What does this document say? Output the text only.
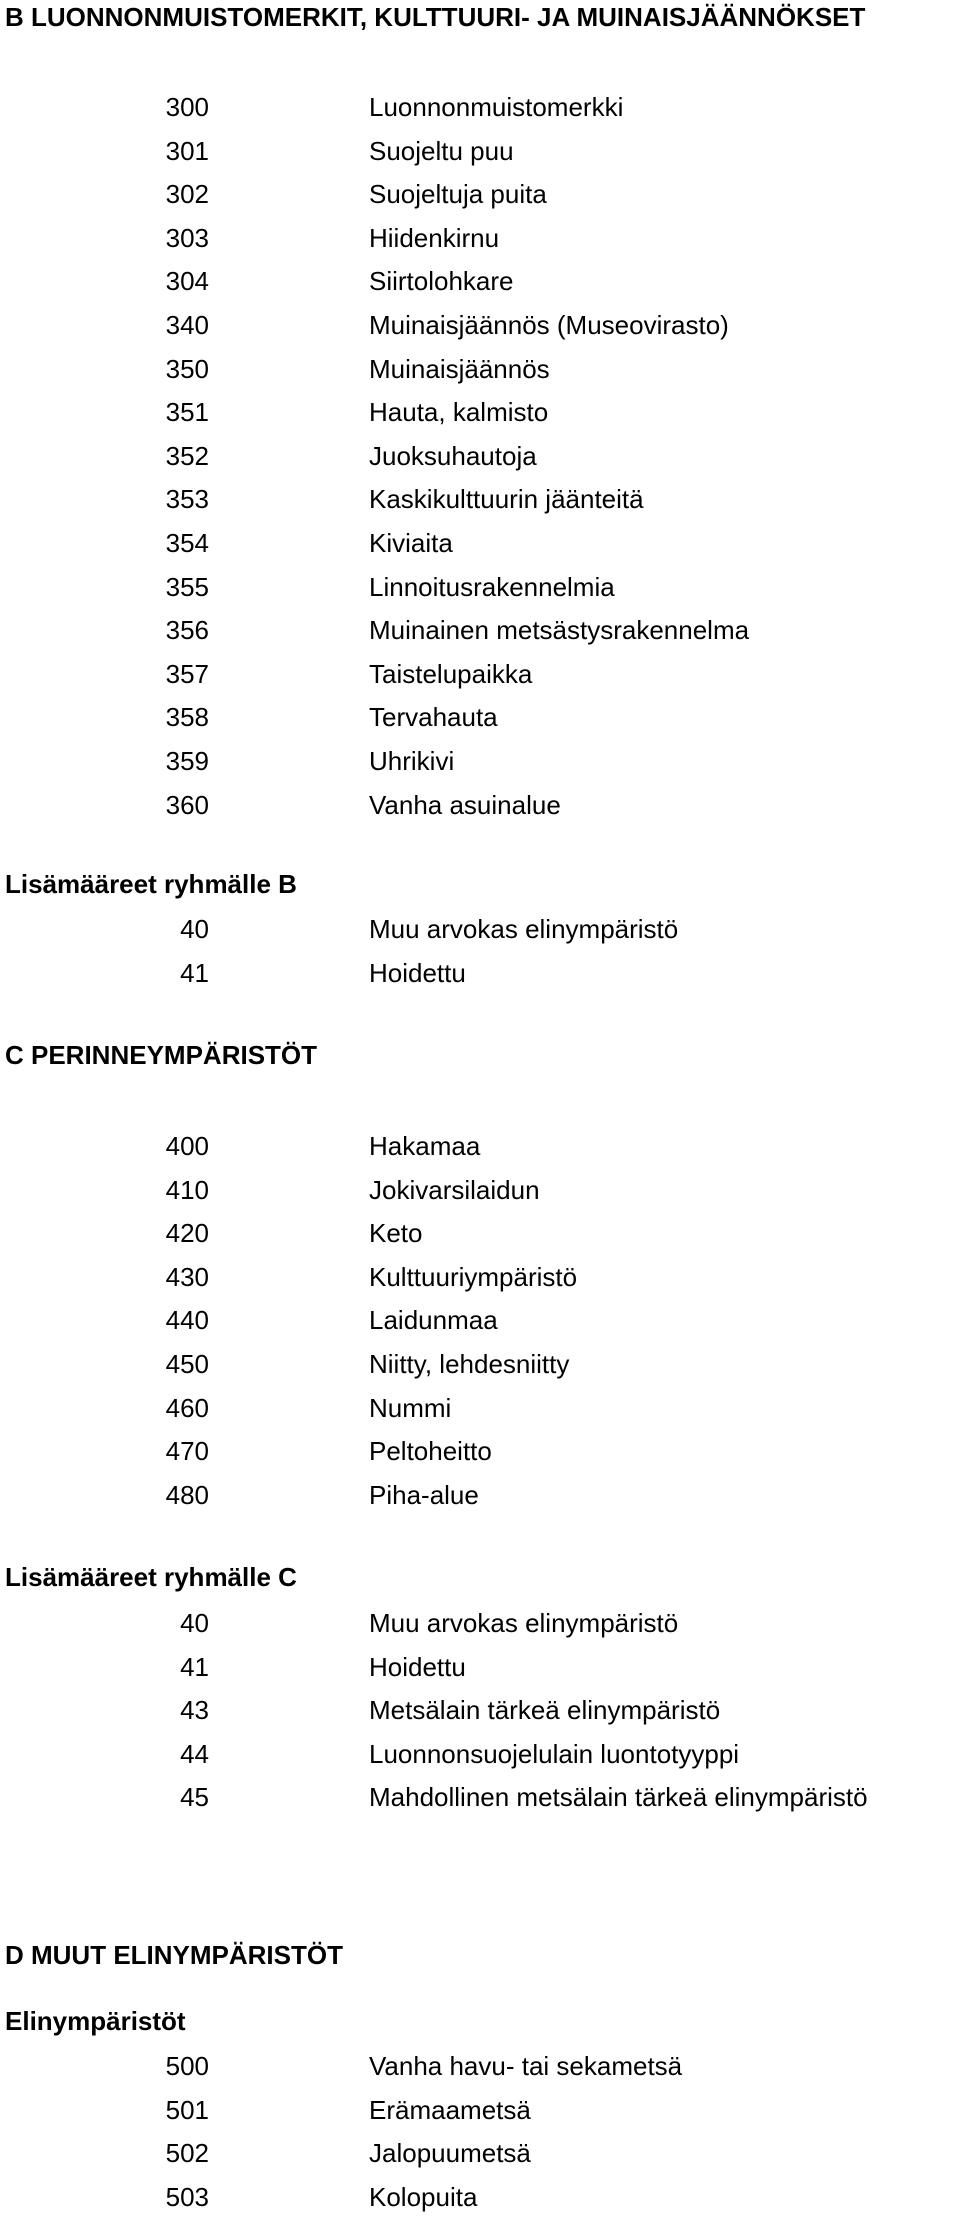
B LUONNONMUISTOMERKIT, KULTTUURI- JA MUINAISJÄÄNNÖKSET
300	Luonnonmuistomerkki
301	Suojeltu puu
302	Suojeltuja puita
303	Hiidenkirnu
304	Siirtolohkare
340	Muinaisjäännös (Museovirasto)
350	Muinaisjäännös
351	Hauta, kalmisto
352	Juoksuhautoja
353	Kaskikulttuurin jäänteitä
354	Kiviaita
355	Linnoitusrakennelmia
356	Muinainen metsästysrakennelma
357	Taistelupaikka
358	Tervahauta
359	Uhrikivi
360	Vanha asuinalue
Lisämääreet ryhmälle B
40	Muu arvokas elinympäristö
41	Hoidettu
C PERINNEYMPÄRISTÖT
400	Hakamaa
410	Jokivarsilaidun
420	Keto
430	Kulttuuriympäristö
440	Laidunmaa
450	Niitty, lehdesniitty
460	Nummi
470	Peltoheitto
480	Piha-alue
Lisämääreet ryhmälle C
40	Muu arvokas elinympäristö
41	Hoidettu
43	Metsälain tärkeä elinympäristö
44	Luonnonsuojelulain luontotyyppi
45	Mahdollinen metsälain tärkeä elinympäristö
D MUUT ELINYMPÄRISTÖT
Elinympäristöt
500	Vanha havu- tai sekametsä
501	Erämaametsä
502	Jalopuumetsä
503	Kolopuita
